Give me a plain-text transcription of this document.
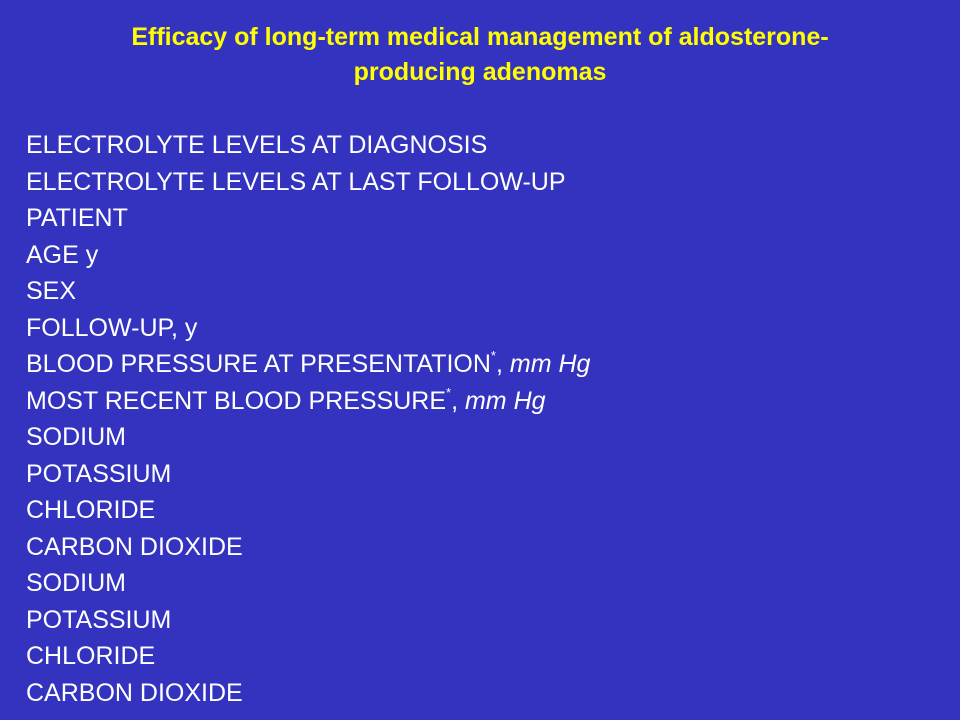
Efficacy of long-term medical management of aldosterone-
producing adenomas
ELECTROLYTE LEVELS AT DIAGNOSIS
ELECTROLYTE LEVELS AT LAST FOLLOW-UP
PATIENT
AGE y
SEX
FOLLOW-UP, y
BLOOD PRESSURE AT PRESENTATION*, mm Hg
MOST RECENT BLOOD PRESSURE*, mm Hg
SODIUM
POTASSIUM
CHLORIDE
CARBON DIOXIDE
SODIUM
POTASSIUM
CHLORIDE
CARBON DIOXIDE
